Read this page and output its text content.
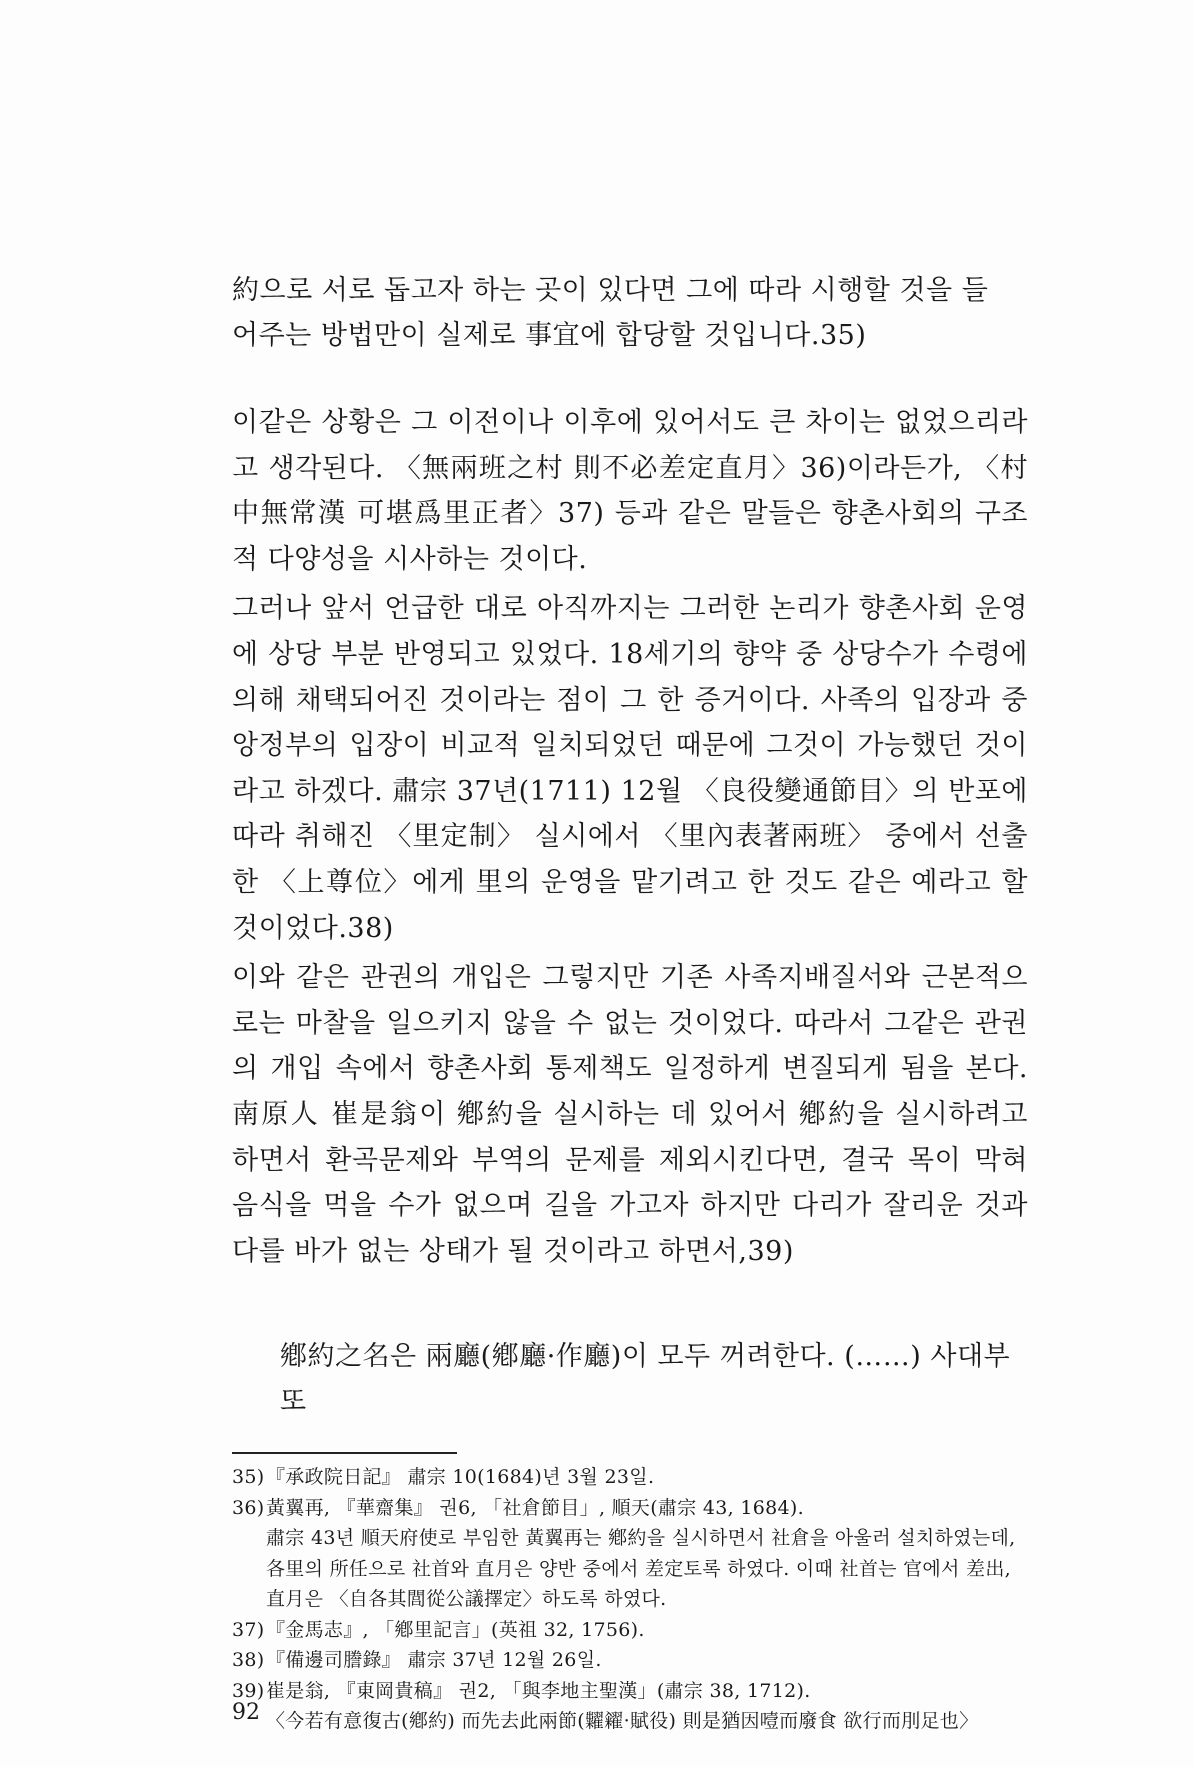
約으로 서로 돕고자 하는 곳이 있다면 그에 따라 시행할 것을 들

어주는 방법만이 실제로 事宜에 합당할 것입니다.35)

이같은 상황은 그 이전이나 이후에 있어서도 큰 차이는 없었으리라고 생각된다. 〈無兩班之村 則不必差定直月〉36)이라든가, 〈村中無常漢 可堪爲里正者〉37) 등과 같은 말들은 향촌사회의 구조적 다양성을 시사하는 것이다.

그러나 앞서 언급한 대로 아직까지는 그러한 논리가 향촌사회 운영에 상당 부분 반영되고 있었다. 18세기의 향약 중 상당수가 수령에 의해 채택되어진 것이라는 점이 그 한 증거이다. 사족의 입장과 중앙정부의 입장이 비교적 일치되었던 때문에 그것이 가능했던 것이라고 하겠다. 肅宗 37년(1711) 12월 〈良役變通節目〉의 반포에 따라 취해진 〈里定制〉 실시에서 〈里內表著兩班〉 중에서 선출한 〈上尊位〉에게 里의 운영을 맡기려고 한 것도 같은 예라고 할 것이었다.38)

이와 같은 관권의 개입은 그렇지만 기존 사족지배질서와 근본적으로는 마찰을 일으키지 않을 수 없는 것이었다. 따라서 그같은 관권의 개입 속에서 향촌사회 통제책도 일정하게 변질되게 됨을 본다. 南原人 崔是翁이 鄕約을 실시하는 데 있어서 鄕約을 실시하려고 하면서 환곡문제와 부역의 문제를 제외시킨다면, 결국 목이 막혀 음식을 먹을 수가 없으며 길을 가고자 하지만 다리가 잘리운 것과 다를 바가 없는 상태가 될 것이라고 하면서,39)

鄕約之名은 兩廳(鄕廳·作廳)이 모두 꺼려한다. (……) 사대부 또
35) 『承政院日記』 肅宗 10(1684)년 3월 23일.
36) 黃翼再, 『華齋集』 권6, 「社倉節目」, 順天(肅宗 43, 1684).
肅宗 43년 順天府使로 부임한 黃翼再는 鄕約을 실시하면서 社倉을 아울러 설치하였는데, 各里의 所任으로 社首와 直月은 양반 중에서 差定토록 하였다. 이때 社首는 官에서 差出, 直月은 〈自各其閭從公議擇定〉하도록 하였다.
37) 『金馬志』, 「鄕里記言」(英祖 32, 1756).
38) 『備邊司謄錄』 肅宗 37년 12월 26일.
39) 崔是翁, 『東岡貴稿』 권2, 「與李地主聖漢」(肅宗 38, 1712).
〈今若有意復古(鄕約) 而先去此兩節(糶糴·賦役) 則是猶因噎而廢食 欲行而刖足也〉
92
